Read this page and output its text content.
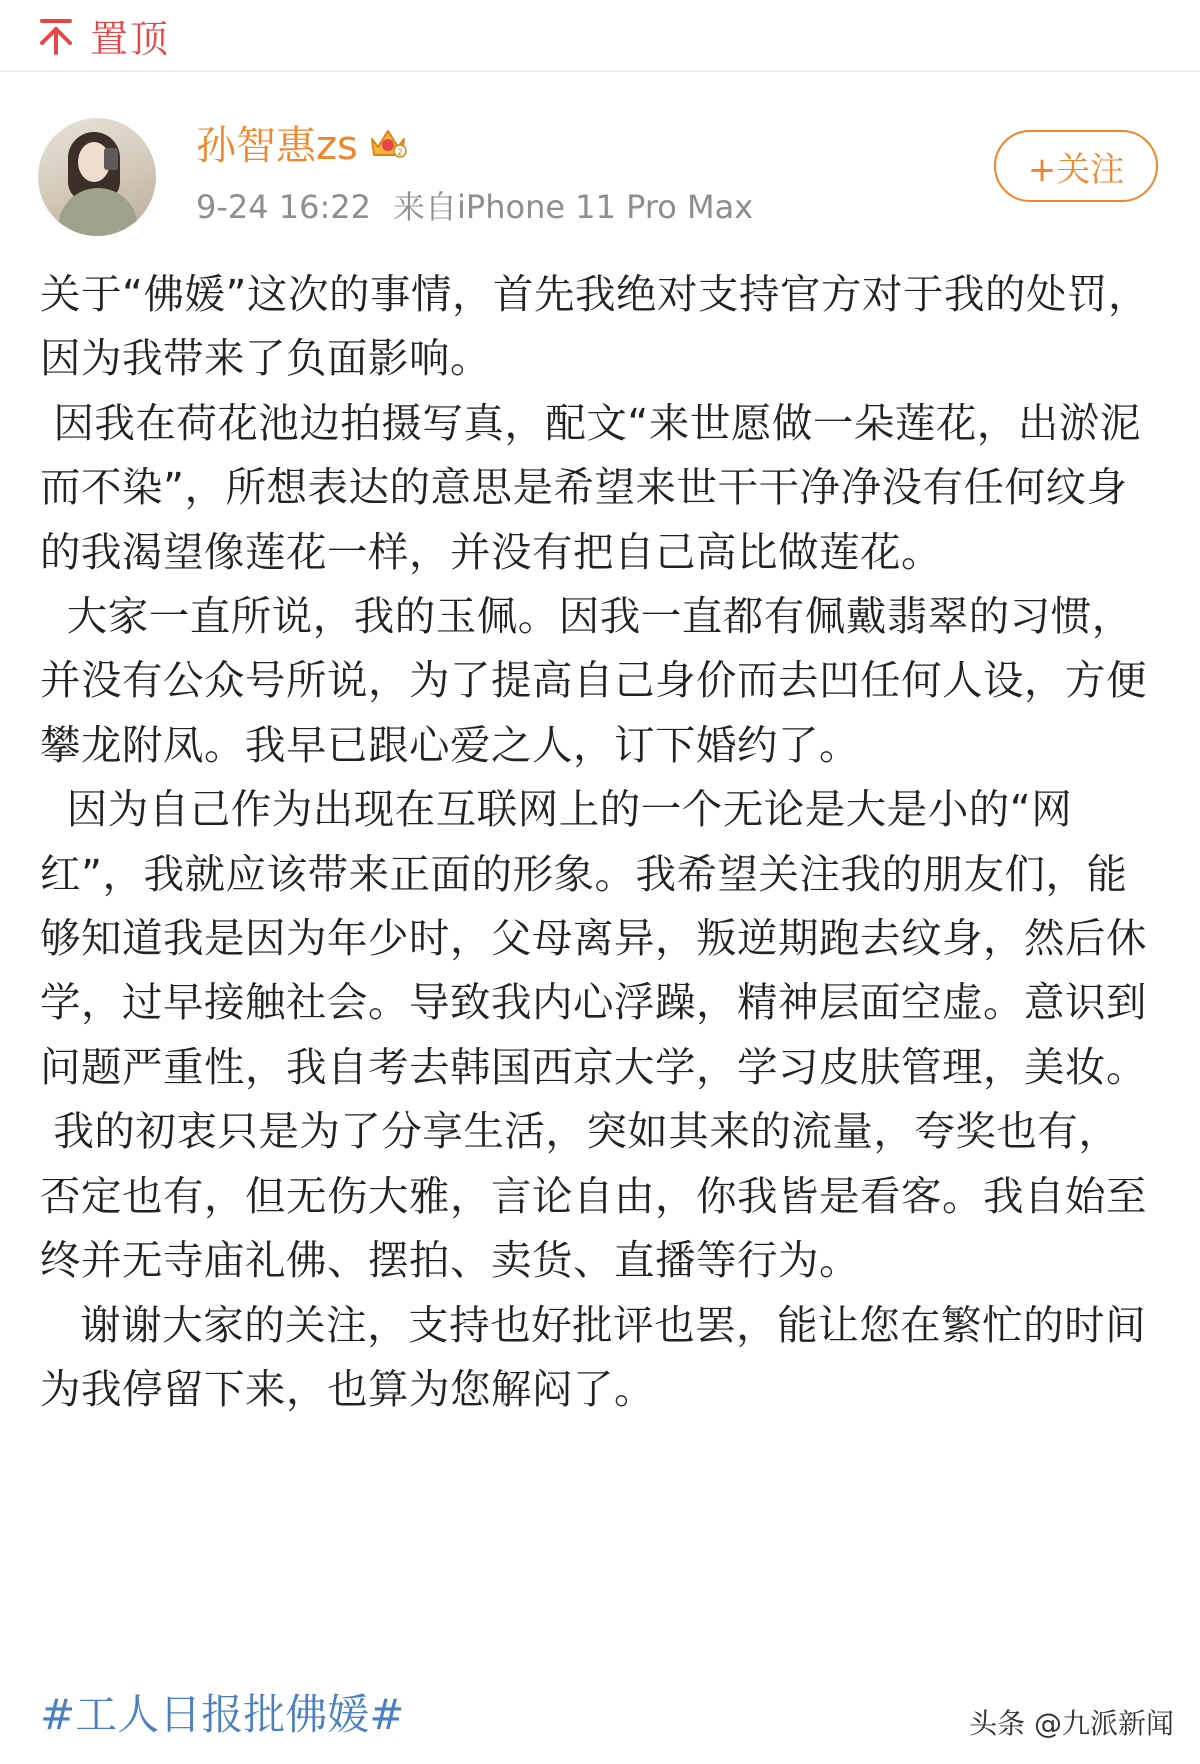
置顶
孙智惠zs	2
9-24 16:22 来自iPhone 11 Pro Max
+关注

关于“佛媛”这次的事情，首先我绝对支持官方对于我的处罚，因为我带来了负面影响。

因我在荷花池边拍摄写真，配文“来世愿做一朵莲花，出淤泥而不染”，所想表达的意思是希望来世干干净净没有任何纹身的我渴望像莲花一样，并没有把自己高比做莲花。

大家一直所说，我的玉佩。因我一直都有佩戴翡翠的习惯，并没有公众号所说，为了提高自己身价而去凹任何人设，方便攀龙附凤。我早已跟心爱之人，订下婚约了。

因为自己作为出现在互联网上的一个无论是大是小的“网红”，我就应该带来正面的形象。我希望关注我的朋友们，能够知道我是因为年少时，父母离异，叛逆期跑去纹身，然后休学，过早接触社会。导致我内心浮躁，精神层面空虚。意识到问题严重性，我自考去韩国西京大学，学习皮肤管理，美妆。

我的初衷只是为了分享生活，突如其来的流量，夸奖也有，否定也有，但无伤大雅，言论自由，你我皆是看客。我自始至终并无寺庙礼佛、摆拍、卖货、直播等行为。

谢谢大家的关注，支持也好批评也罢，能让您在繁忙的时间为我停留下来，也算为您解闷了。

#工人日报批佛媛#	头条 @九派新闻
